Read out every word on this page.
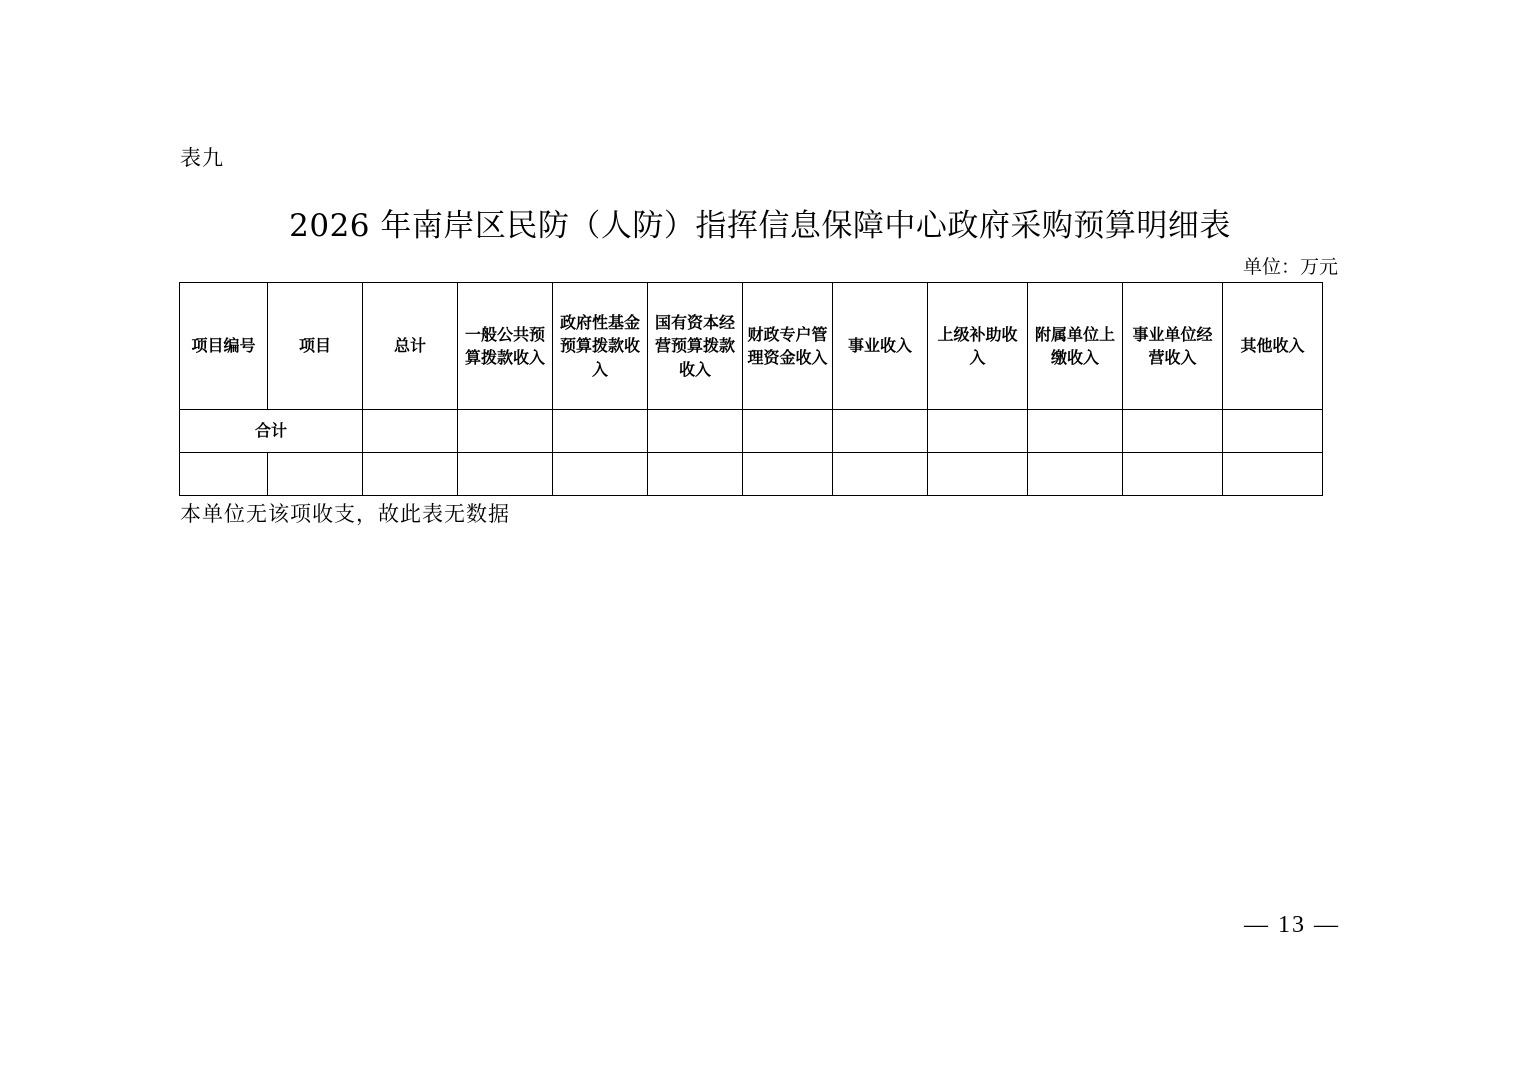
表九
2026 年南岸区民防（人防）指挥信息保障中心政府采购预算明细表
单位：万元
项目编号	项目	总计	一般公共预算拨款收入	政府性基金预算拨款收入	国有资本经营预算拨款收入	财政专户管理资金收入	事业收入	上级补助收入	附属单位上缴收入	事业单位经营收入	其他收入
合计											

本单位无该项收支，故此表无数据
— 13 —
